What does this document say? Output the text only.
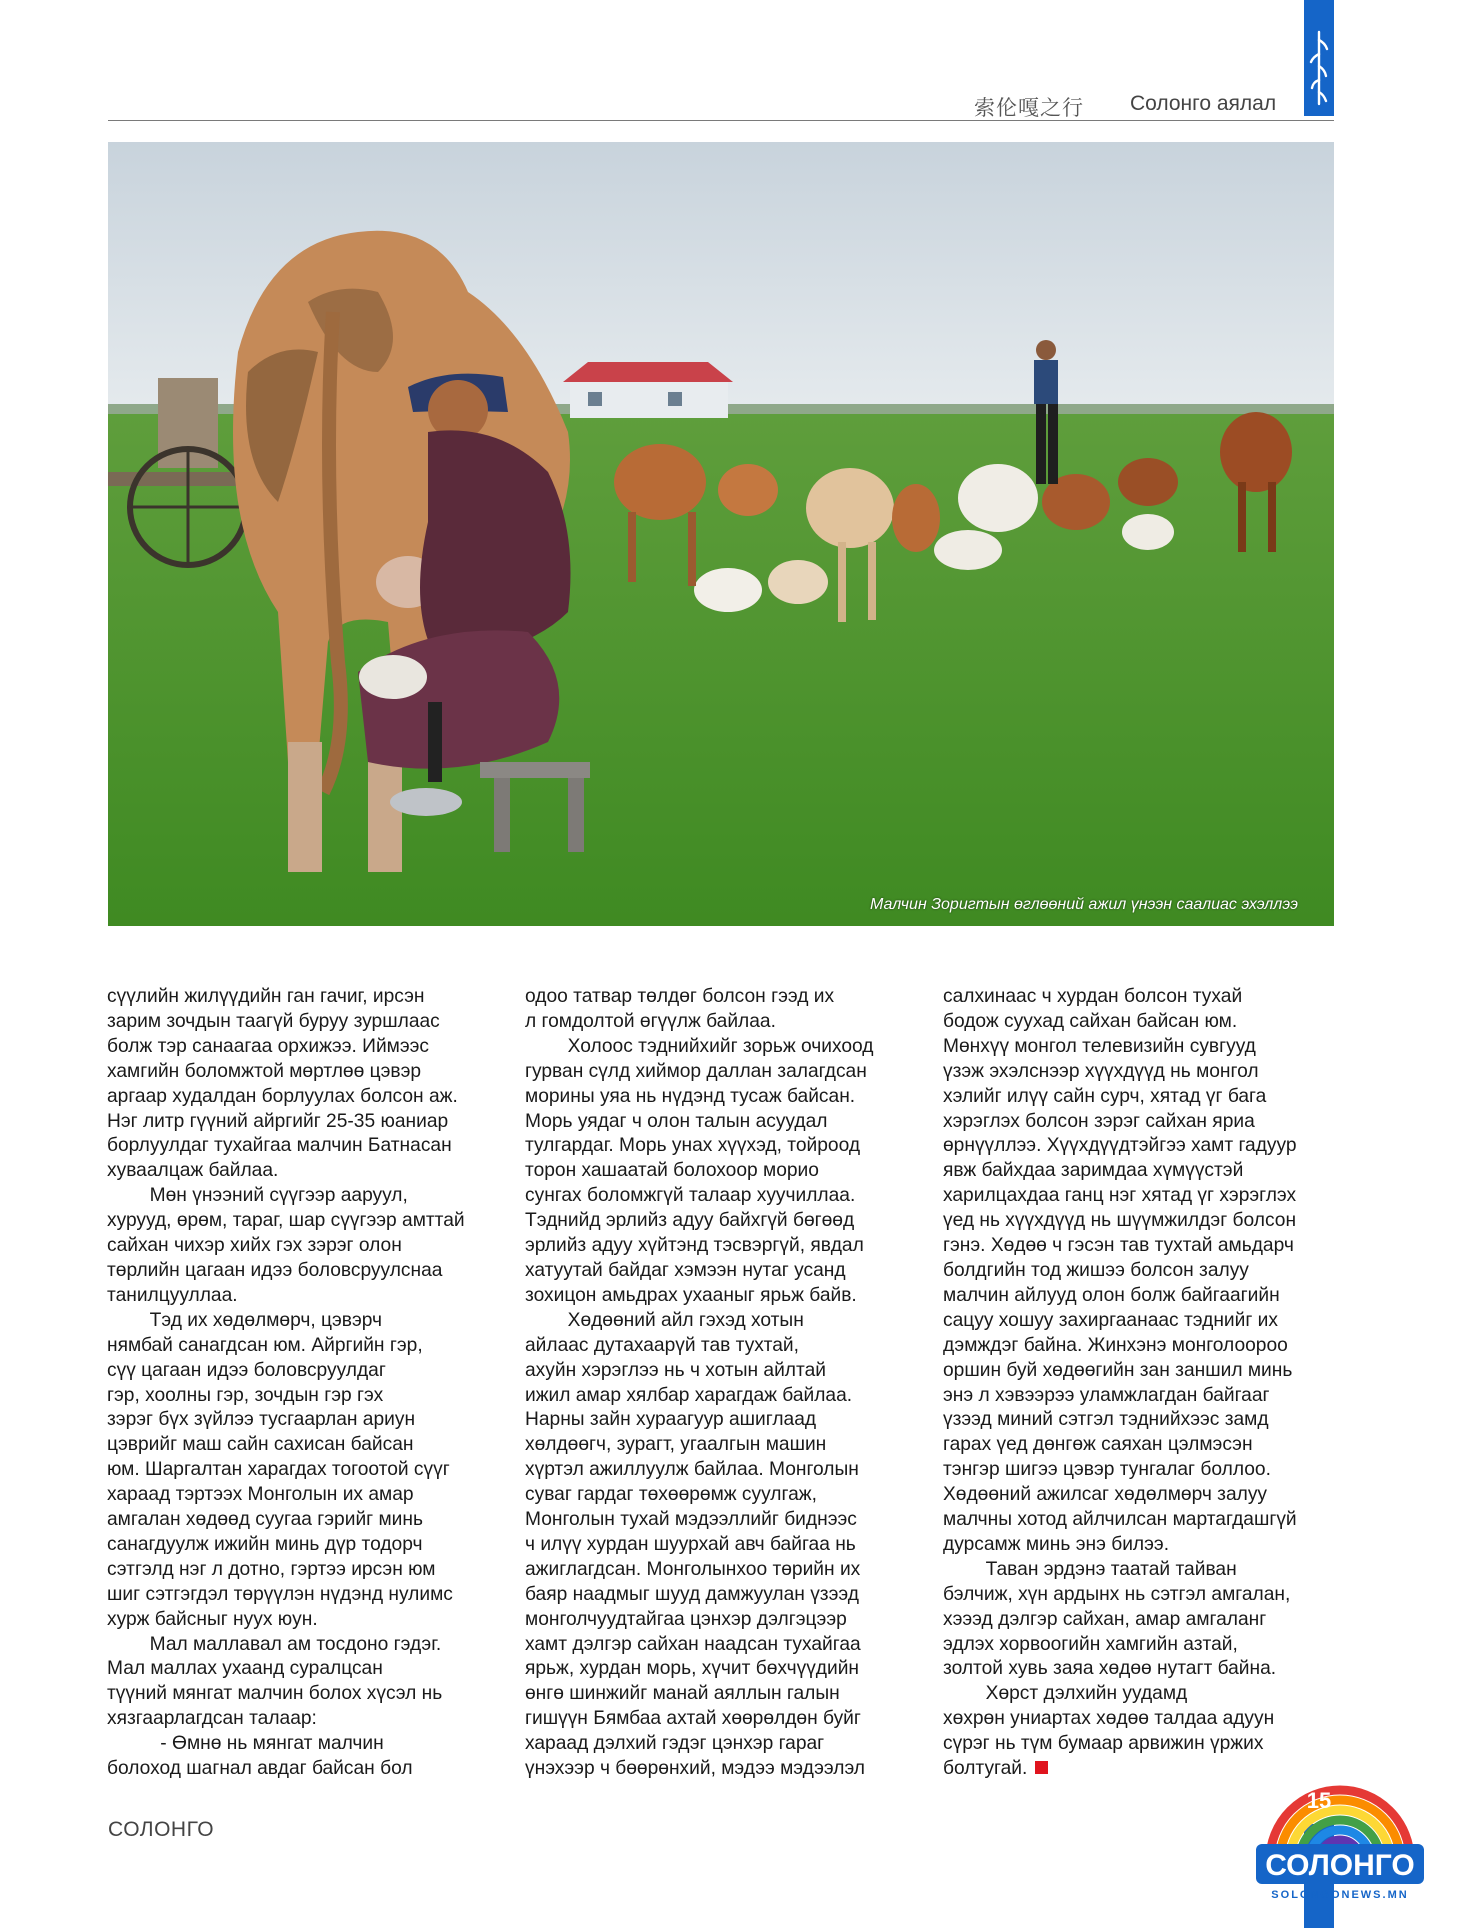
索伦嘎之行	Солонго аялал
Малчин Зоригтын өглөөний ажил үнээн саалиас эхэллээ

сүүлийн жилүүдийн ган гачиг, ирсэн

зарим зочдын таагүй буруу зуршлаас

болж тэр санаагаа орхижээ. Иймээс

хамгийн боломжтой мөртлөө цэвэр

аргаар худалдан борлуулах болсон аж.

Нэг литр гүүний айргийг 25-35 юаниар

борлуулдаг тухайгаа малчин Батнасан

хуваалцаж байлаа.

Мөн үнээний сүүгээр ааруул,

хурууд, өрөм, тараг, шар сүүгээр амттай

сайхан чихэр хийх гэх зэрэг олон

төрлийн цагаан идээ боловсруулснаа

танилцууллаа.

Тэд их хөдөлмөрч, цэвэрч

нямбай санагдсан юм. Айргийн гэр,

сүү цагаан идээ боловсруулдаг

гэр, хоолны гэр, зочдын гэр гэх

зэрэг бүх зүйлээ тусгаарлан ариун

цэврийг маш сайн сахисан байсан

юм. Шаргалтан харагдах тогоотой сүүг

хараад тэртээх Монголын их амар

амгалан хөдөөд суугаа гэрийг минь

санагдуулж ижийн минь дүр тодорч

сэтгэлд нэг л дотно, гэртээ ирсэн юм

шиг сэтгэгдэл төрүүлэн нүдэнд нулимс

хурж байсныг нуух юун.

Мал маллавал ам тосдоно гэдэг.

Мал маллах ухаанд суралцсан

түүний мянгат малчин болох хүсэл нь

хязгаарлагдсан талаар:

- Өмнө нь мянгат малчин

болоход шагнал авдаг байсан бол

одоо татвар төлдөг болсон гээд их

л гомдолтой өгүүлж байлаа.

Холоос тэднийхийг зорьж очихоод

гурван сүлд хиймор даллан залагдсан

морины уяа нь нүдэнд тусаж байсан.

Морь уядаг ч олон талын асуудал

тулгардаг. Морь унах хүүхэд, тойроод

торон хашаатай болохоор морио

сунгах боломжгүй талаар хуучиллаа.

Тэднийд эрлийз адуу байхгүй бөгөөд

эрлийз адуу хүйтэнд тэсвэргүй, явдал

хатуутай байдаг хэмээн нутаг усанд

зохицон амьдрах ухааныг ярьж байв.

Хөдөөний айл гэхэд хотын

айлаас дутахаарүй тав тухтай,

ахуйн хэрэглээ нь ч хотын айлтай

ижил амар хялбар харагдаж байлаа.

Нарны зайн хураагуур ашиглаад

хөлдөөгч, зурагт, угаалгын машин

хүртэл ажиллуулж байлаа. Монголын

суваг гардаг төхөөрөмж суулгаж,

Монголын тухай мэдээллийг биднээс

ч илүү хурдан шуурхай авч байгаа нь

ажиглагдсан. Монголынхоо төрийн их

баяр наадмыг шууд дамжуулан үзээд

монголчуудтайгаа цэнхэр дэлгэцээр

хамт дэлгэр сайхан наадсан тухайгаа

ярьж, хурдан морь, хүчит бөхчүүдийн

өнгө шинжийг манай аяллын галын

гишүүн Бямбаа ахтай хөөрөлдөн буйг

хараад дэлхий гэдэг цэнхэр гараг

үнэхээр ч бөөрөнхий, мэдээ мэдээлэл

салхинаас ч хурдан болсон тухай

бодож суухад сайхан байсан юм.

Мөнхүү монгол телевизийн сувгууд

үзэж эхэлснээр хүүхдүүд нь монгол

хэлийг илүү сайн сурч, хятад үг бага

хэрэглэх болсон зэрэг сайхан яриа

өрнүүллээ. Хүүхдүүдтэйгээ хамт гадуур

явж байхдаа заримдаа хүмүүстэй

харилцахдаа ганц нэг хятад үг хэрэглэх

үед нь хүүхдүүд нь шүүмжилдэг болсон

гэнэ. Хөдөө ч гэсэн тав тухтай амьдарч

болдгийн тод жишээ болсон залуу

малчин айлууд олон болж байгаагийн

сацуу хошуу захиргаанаас тэднийг их

дэмждэг байна. Жинхэнэ монголоороо

оршин буй хөдөөгийн зан заншил минь

энэ л хэвээрээ уламжлагдан байгааг

үзээд миний сэтгэл тэднийхээс замд

гарах үед дөнгөж саяхан цэлмэсэн

тэнгэр шигээ цэвэр тунгалаг боллоо.

Хөдөөний ажилсаг хөдөлмөрч залуу

малчны хотод айлчилсан мартагдашгүй

дурсамж минь энэ билээ.

Таван эрдэнэ таатай тайван

бэлчиж, хүн ардынх нь сэтгэл амгалан,

хэээд дэлгэр сайхан, амар амгаланг

эдлэх хорвоогийн хамгийн азтай,

золтой хувь заяа хөдөө нутагт байна.

Хөрст дэлхийн уудамд

хөхрөн униартах хөдөө талдаа адуун

сүрэг нь түм бумаар арвижин үржих

болтугай.

СОЛОНГО
СОЛОНГО
SOLONGONEWS.MN
15
